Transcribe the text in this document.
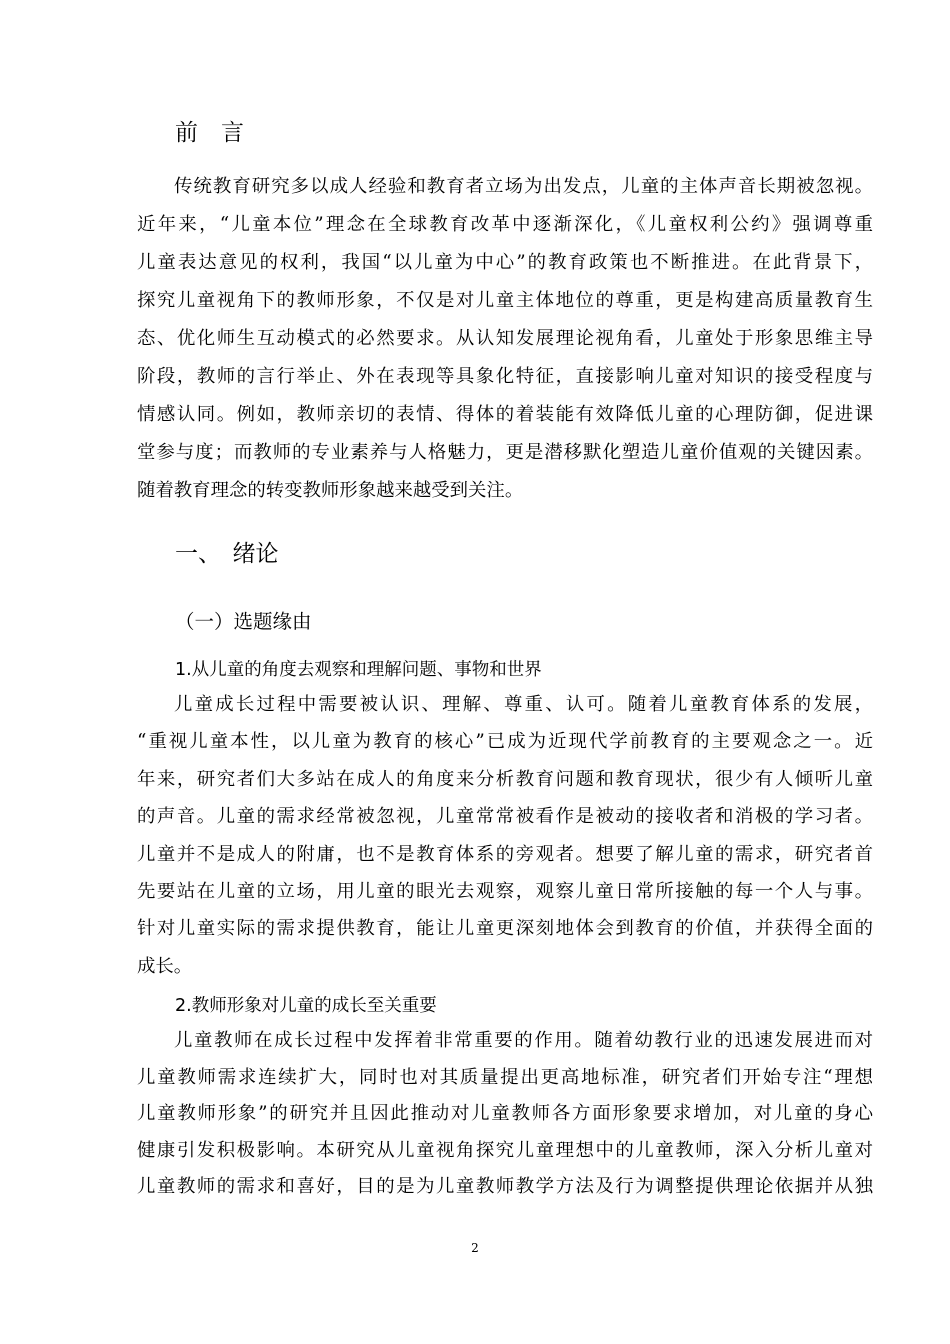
前　言
传统教育研究多以成人经验和教育者立场为出发点，儿童的主体声音长期被忽视。
近年来，“儿童本位”理念在全球教育改革中逐渐深化，《儿童权利公约》强调尊重
儿童表达意见的权利，我国“以儿童为中心”的教育政策也不断推进。在此背景下，
探究儿童视角下的教师形象，不仅是对儿童主体地位的尊重，更是构建高质量教育生
态、优化师生互动模式的必然要求。从认知发展理论视角看，儿童处于形象思维主导
阶段，教师的言行举止、外在表现等具象化特征，直接影响儿童对知识的接受程度与
情感认同。例如，教师亲切的表情、得体的着装能有效降低儿童的心理防御，促进课
堂参与度；而教师的专业素养与人格魅力，更是潜移默化塑造儿童价值观的关键因素。
随着教育理念的转变教师形象越来越受到关注。
一、　绪论
（一）选题缘由
1.从儿童的角度去观察和理解问题、事物和世界
儿童成长过程中需要被认识、理解、尊重、认可。随着儿童教育体系的发展，
“重视儿童本性，以儿童为教育的核心”已成为近现代学前教育的主要观念之一。近
年来，研究者们大多站在成人的角度来分析教育问题和教育现状，很少有人倾听儿童
的声音。儿童的需求经常被忽视，儿童常常被看作是被动的接收者和消极的学习者。
儿童并不是成人的附庸，也不是教育体系的旁观者。想要了解儿童的需求，研究者首
先要站在儿童的立场，用儿童的眼光去观察，观察儿童日常所接触的每一个人与事。
针对儿童实际的需求提供教育，能让儿童更深刻地体会到教育的价值，并获得全面的
成长。
2.教师形象对儿童的成长至关重要
儿童教师在成长过程中发挥着非常重要的作用。随着幼教行业的迅速发展进而对
儿童教师需求连续扩大，同时也对其质量提出更高地标准，研究者们开始专注“理想
儿童教师形象”的研究并且因此推动对儿童教师各方面形象要求增加，对儿童的身心
健康引发积极影响。本研究从儿童视角探究儿童理想中的儿童教师，深入分析儿童对
儿童教师的需求和喜好，目的是为儿童教师教学方法及行为调整提供理论依据并从独
2
